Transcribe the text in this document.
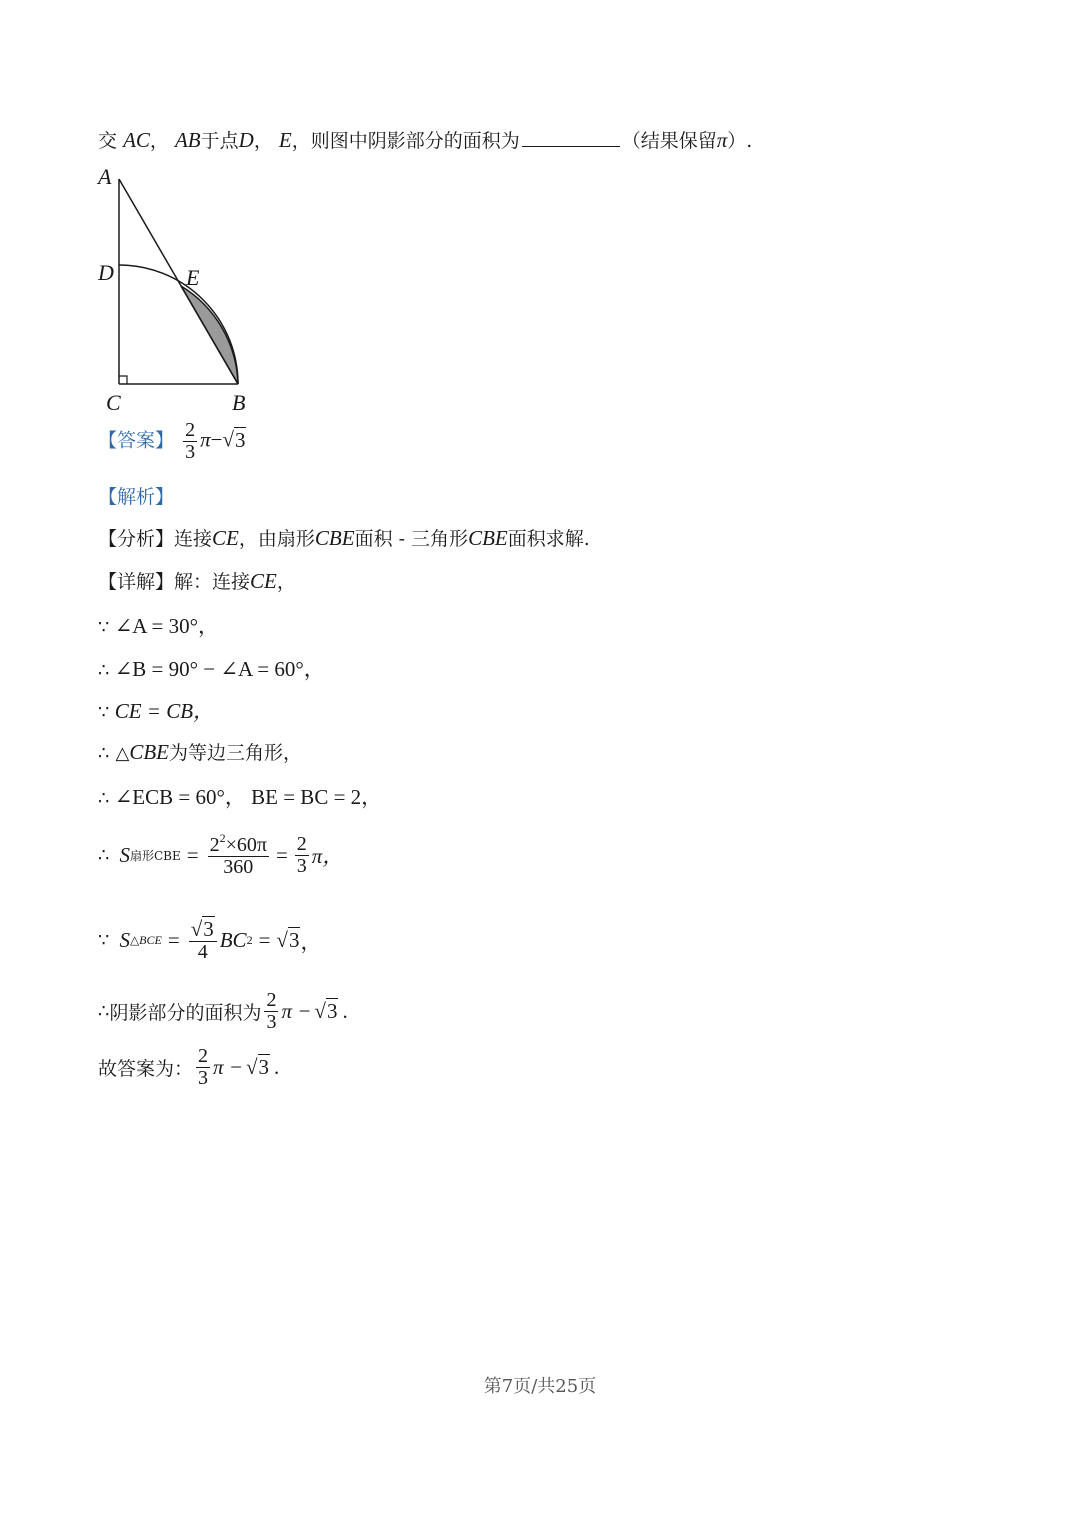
交 AC， AB于点D， E，则图中阴影部分的面积为	（结果保留π）.
A
D	E
C	B
【答案】 $\frac{2}{3} \pi-√3$
【解析】
【分析】连接CE，由扇形CBE面积 - 三角形CBE面积求解.
【详解】解：连接CE，
∵ ∠A = 30°，
∴ ∠B = 90° − ∠A = 60°，
∵ CE = CB，
∴ △CBE为等边三角形，
∴ ∠ECB = 60°， BE = BC = 2，
∴ S 扇形CBE = $\frac{2^2\times 60\pi}{360} = \frac{2}{3}$ π，
∵ S △BCE = $\frac{√3}{4}$ BC 2 = √3 ，
∴ 阴影部分的面积为 $\frac{2}{3}$ π − √3 .
故答案为： $\frac{2}{3}$ π − √3 .
第7页/共25页
